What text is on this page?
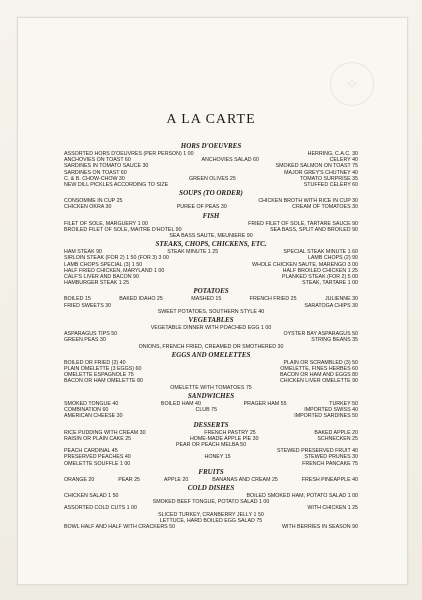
✧
A LA CARTE
HORS D'OEUVRES
ASSORTED HORS D'OEUVRES (PER PERSON) 1 00	HERRING, C.A.C. 30
ANCHOVIES ON TOAST 60	ANCHOVIES SALAD 60	CELERY 40
SARDINES IN TOMATO SAUCE 30	SMOKED SALMON ON TOAST 75
SARDINES ON TOAST 60	MAJOR GREY'S CHUTNEY 40
C. & B. CHOW-CHOW 30	GREEN OLIVES 25	TOMATO SURPRISE 35
NEW DILL PICKLES ACCORDING TO SIZE	STUFFED CELERY 60
SOUPS (TO ORDER)
CONSOMME IN CUP 25	CHICKEN BROTH WITH RICE IN CUP 30
CHICKEN OKRA 30	PUREE OF PEAS 30	CREAM OF TOMATOES 30
FISH
FILET OF SOLE, MARGUERY 1 00	FRIED FILET OF SOLE, TARTARE SAUCE 90
BROILED FILET OF SOLE, MAITRE D'HOTEL 90	SEA BASS, SPLIT AND BROILED 90
SEA BASS SAUTE, MEUNIERE 90
STEAKS, CHOPS, CHICKENS, ETC.
HAM STEAK 90	STEAK MINUTE 1 25	SPECIAL STEAK MINUTE 1 60
SIRLOIN STEAK (FOR 2) 1 50 (FOR 3) 3 00	LAMB CHOPS (2) 90
LAMB CHOPS SPECIAL (3) 1 50	WHOLE CHICKEN SAUTE, MARENGO 3 00
HALF FRIED CHICKEN, MARYLAND 1 00	HALF BROILED CHICKEN 1 25
CALF'S LIVER AND BACON 90	PLANKED STEAK (FOR 2) 5 00
HAMBURGER STEAK 1 25	STEAK, TARTARE 1 00
POTATOES
BOILED 15	BAKED IDAHO 25	MASHED 15	FRENCH FRIED 25	JULIENNE 30
FRIED SWEETS 30	SARATOGA CHIPS 30
SWEET POTATOES, SOUTHERN STYLE 40
VEGETABLES
VEGETABLE DINNER WITH POACHED EGG 1 00
ASPARAGUS TIPS 50	OYSTER BAY ASPARAGUS 50
GREEN PEAS 30	STRING BEANS 35
ONIONS, FRENCH FRIED, CREAMED OR SMOTHERED 30
EGGS AND OMELETTES
BOILED OR FRIED (2) 40	PLAIN OR SCRAMBLED (3) 50
PLAIN OMELETTE (3 EGGS) 60	OMELETTE, FINES HERBES 60
OMELETTE ESPAGNOLE 75	BACON OR HAM AND EGGS 80
BACON OR HAM OMELETTE 80	CHICKEN LIVER OMELETTE 90
OMELETTE WITH TOMATOES 75
SANDWICHES
SMOKED TONGUE 40	BOILED HAM 40	PRAGER HAM 55	TURKEY 50
COMBINATION 60	CLUB 75	IMPORTED SWISS 40
AMERICAN CHEESE 30	IMPORTED SARDINES 50
DESSERTS
RICE PUDDING WITH CREAM 30	FRENCH PASTRY 25	BAKED APPLE 20
RAISIN OR PLAIN CAKE 25	HOME-MADE APPLE PIE 30	SCHNECKEN 25
PEAR OR PEACH MELBA 50
PEACH CARDINAL 45	STEWED PRESERVED FRUIT 40
PRESERVED PEACHES 40	HONEY 15	STEWED PRUNES 30
OMELETTE SOUFFLE 1 00	FRENCH PANCAKE 75
FRUITS
ORANGE 20	PEAR 25	APPLE 20	BANANAS AND CREAM 25	FRESH PINEAPPLE 40
COLD DISHES
CHICKEN SALAD 1 50	BOILED SMOKED HAM, POTATO SALAD 1 00
SMOKED BEEF TONGUE, POTATO SALAD 1 00
ASSORTED COLD CUTS 1 00	WITH CHICKEN 1 25
SLICED TURKEY, CRANBERRY JELLY 1 50
LETTUCE, HARD BOILED EGG SALAD 75
BOWL HALF AND HALF WITH CRACKERS 50	WITH BERRIES IN SEASON 90
